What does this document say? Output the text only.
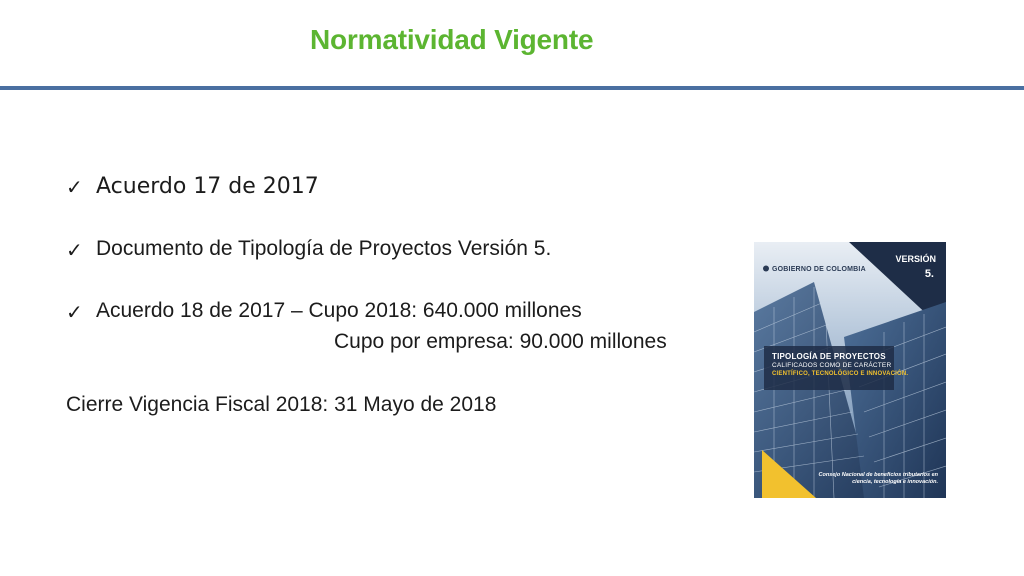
Normatividad Vigente
✓ Acuerdo 17 de 2017
✓ Documento de Tipología de Proyectos Versión 5.
✓ Acuerdo 18 de 2017 – Cupo 2018: 640.000 millones
Cupo por empresa: 90.000 millones
Cierre Vigencia Fiscal 2018: 31 Mayo de 2018
GOBIERNO DE COLOMBIA
VERSIÓN
5.
TIPOLOGÍA DE PROYECTOS
CALIFICADOS COMO DE CARÁCTER
CIENTÍFICO, TECNOLÓGICO E INNOVACIÓN.
Consejo Nacional de beneficios tributarios en ciencia, tecnología e innovación.
